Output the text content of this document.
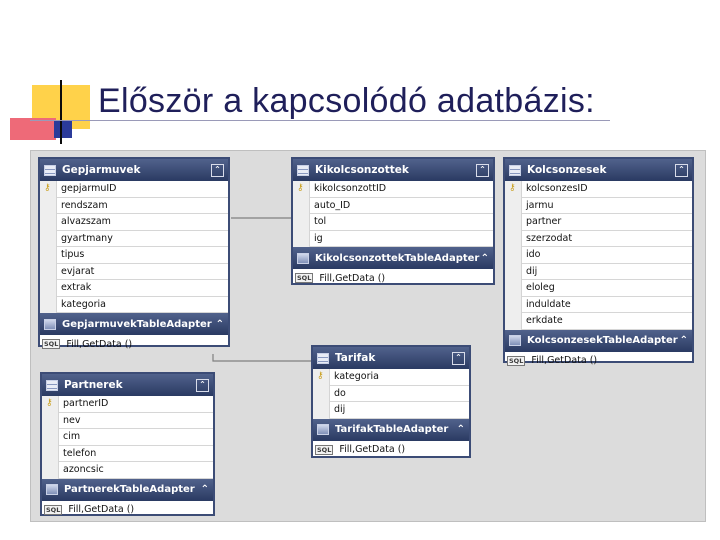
Először a kapcsolódó adatbázis:
Gepjarmuvek	⌃
⚷ gepjarmuID
rendszam
alvazszam
gyartmany
tipus
evjarat
extrak
kategoria
GepjarmuvekTableAdapter ⌃
SQL Fill,GetData ()
Kikolcsonzottek	⌃
⚷ kikolcsonzottID
auto_ID
tol
ig
KikolcsonzottekTableAdapter ⌃
SQL Fill,GetData ()
Kolcsonzesek	⌃
⚷ kolcsonzesID
jarmu
partner
szerzodat
ido
dij
eloleg
induldate
erkdate
KolcsonzesekTableAdapter ⌃
SQL Fill,GetData ()
Partnerek	⌃
⚷ partnerID
nev
cim
telefon
azoncsic
PartnerekTableAdapter ⌃
SQL Fill,GetData ()
Tarifak	⌃
⚷ kategoria
do
dij
TarifakTableAdapter ⌃
SQL Fill,GetData ()
